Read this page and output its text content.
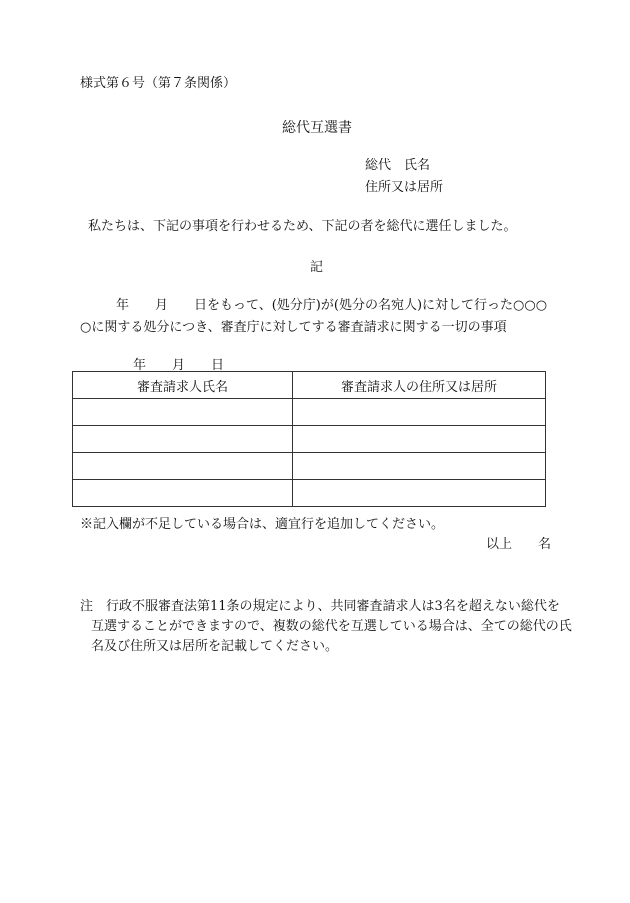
様式第６号（第７条関係）
総代互選書
総代　氏名
住所又は居所
私たちは、下記の事項を行わせるため、下記の者を総代に選任しました。
記
　　年　　月　　日をもって、(処分庁)が(処分の名宛人)に対して行った○○○
○に関する処分につき、審査庁に対してする審査請求に関する一切の事項
年　　月　　日
審査請求人氏名	審査請求人の住所又は居所

※記入欄が不足している場合は、適宜行を追加してください。
以上　　名
注　行政不服審査法第11条の規定により、共同審査請求人は3名を超えない総代を
互選することができますので、複数の総代を互選している場合は、全ての総代の氏
名及び住所又は居所を記載してください。
